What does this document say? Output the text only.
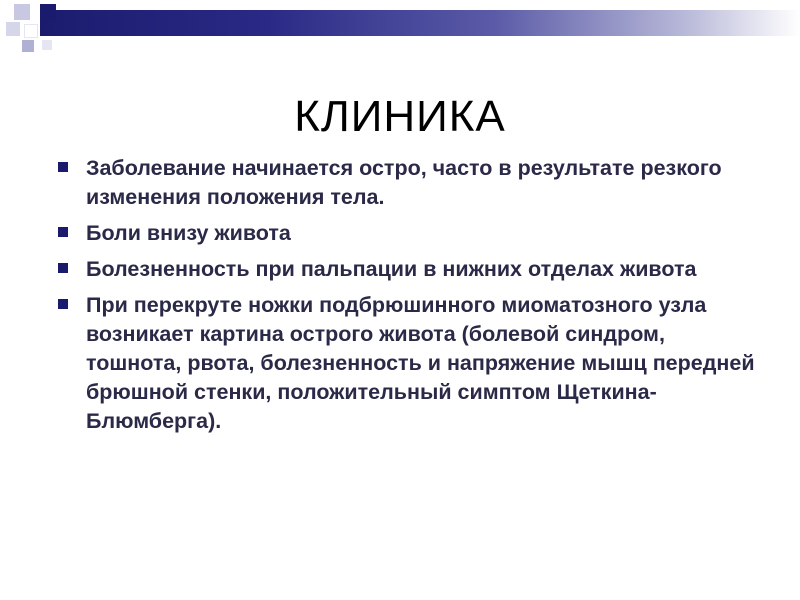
КЛИНИКА
Заболевание начинается остро, часто в результате резкого изменения положения тела.
Боли внизу живота
Болезненность при пальпации в нижних отделах живота
При перекруте ножки подбрюшинного миоматозного узла возникает картина острого живота (болевой синдром, тошнота, рвота, болезненность и напряжение мышц передней брюшной стенки, положительный симптом Щеткина-Блюмберга).
